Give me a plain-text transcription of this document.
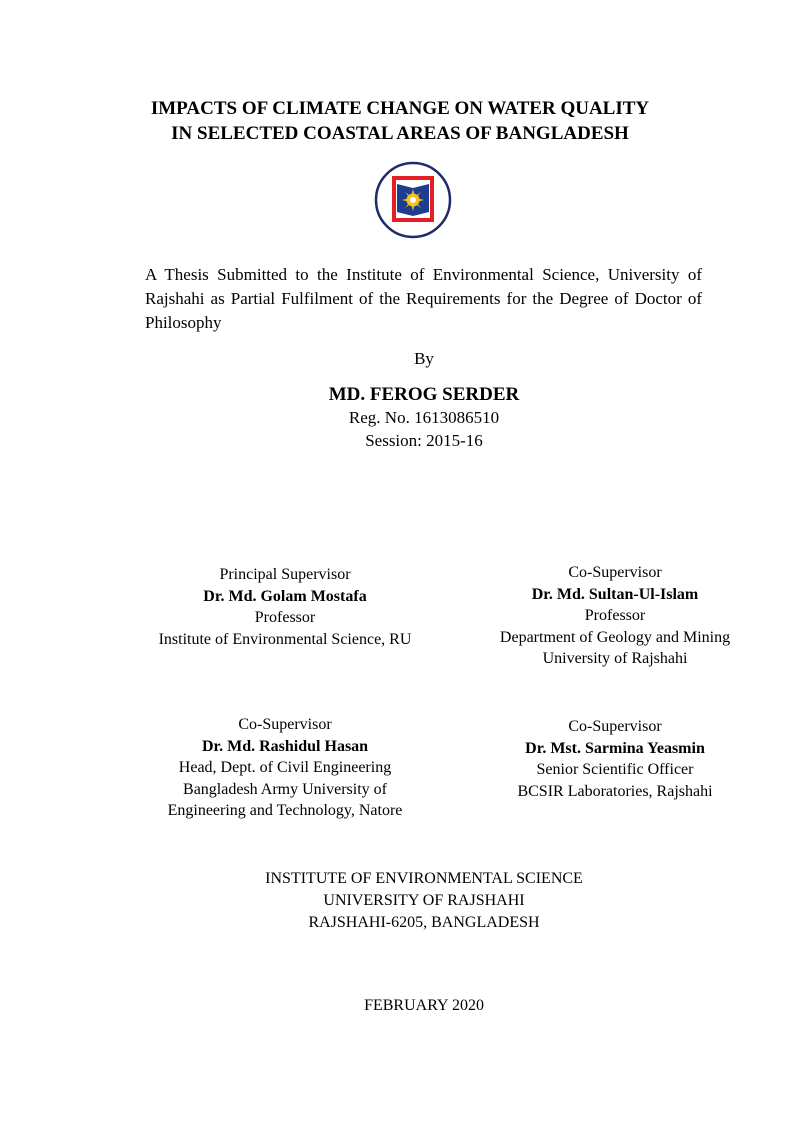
IMPACTS OF CLIMATE CHANGE ON WATER QUALITY
IN SELECTED COASTAL AREAS OF BANGLADESH
A Thesis Submitted to the Institute of Environmental Science, University of Rajshahi as Partial Fulfilment of the Requirements for the Degree of Doctor of Philosophy
By
MD. FEROG SERDER
Reg. No. 1613086510
Session: 2015-16
Principal Supervisor
Dr. Md. Golam Mostafa
Professor
Institute of Environmental Science, RU
Co-Supervisor
Dr. Md. Sultan-Ul-Islam
Professor
Department of Geology and Mining
University of Rajshahi
Co-Supervisor
Dr. Md. Rashidul Hasan
Head, Dept. of Civil Engineering
Bangladesh Army University of
Engineering and Technology, Natore
Co-Supervisor
Dr. Mst. Sarmina Yeasmin
Senior Scientific Officer
BCSIR Laboratories, Rajshahi
INSTITUTE OF ENVIRONMENTAL SCIENCE
UNIVERSITY OF RAJSHAHI
RAJSHAHI-6205, BANGLADESH
FEBRUARY 2020
